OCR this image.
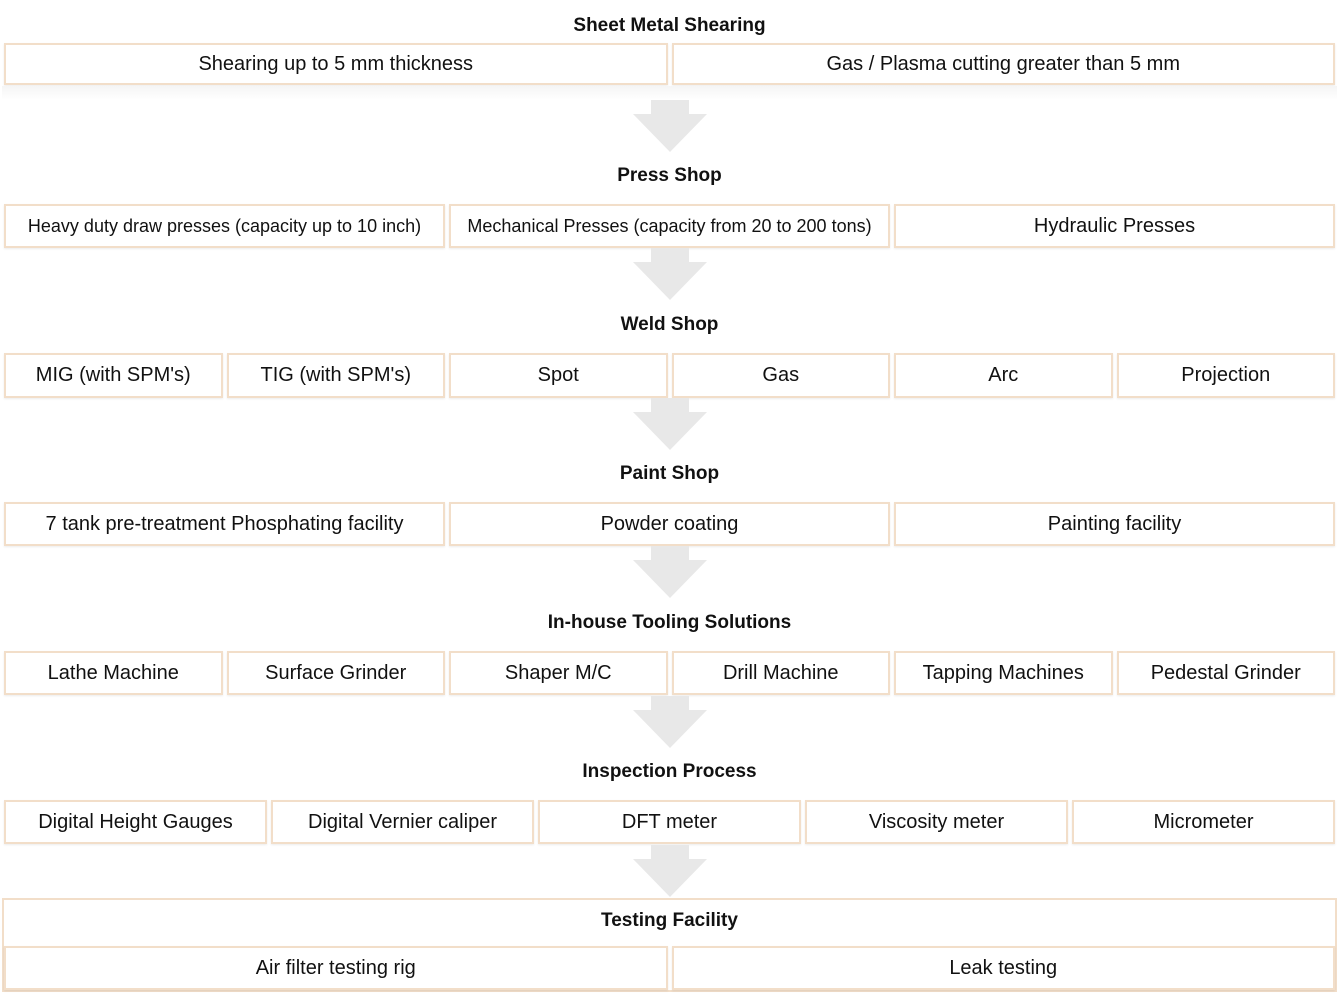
Sheet Metal Shearing
Shearing up to 5 mm thickness	Gas / Plasma cutting greater than 5 mm
Press Shop
Heavy duty draw presses (capacity up to 10 inch)	Mechanical Presses (capacity from 20 to 200 tons)	Hydraulic Presses
Weld Shop
MIG (with SPM's)	TIG (with SPM's)	Spot	Gas	Arc	Projection
Paint Shop
7 tank pre-treatment Phosphating facility	Powder coating	Painting facility
In-house Tooling Solutions
Lathe Machine	Surface Grinder	Shaper M/C	Drill Machine	Tapping Machines	Pedestal Grinder
Inspection Process
Digital Height Gauges	Digital Vernier caliper	DFT meter	Viscosity meter	Micrometer
Testing Facility
Air filter testing rig	Leak testing
